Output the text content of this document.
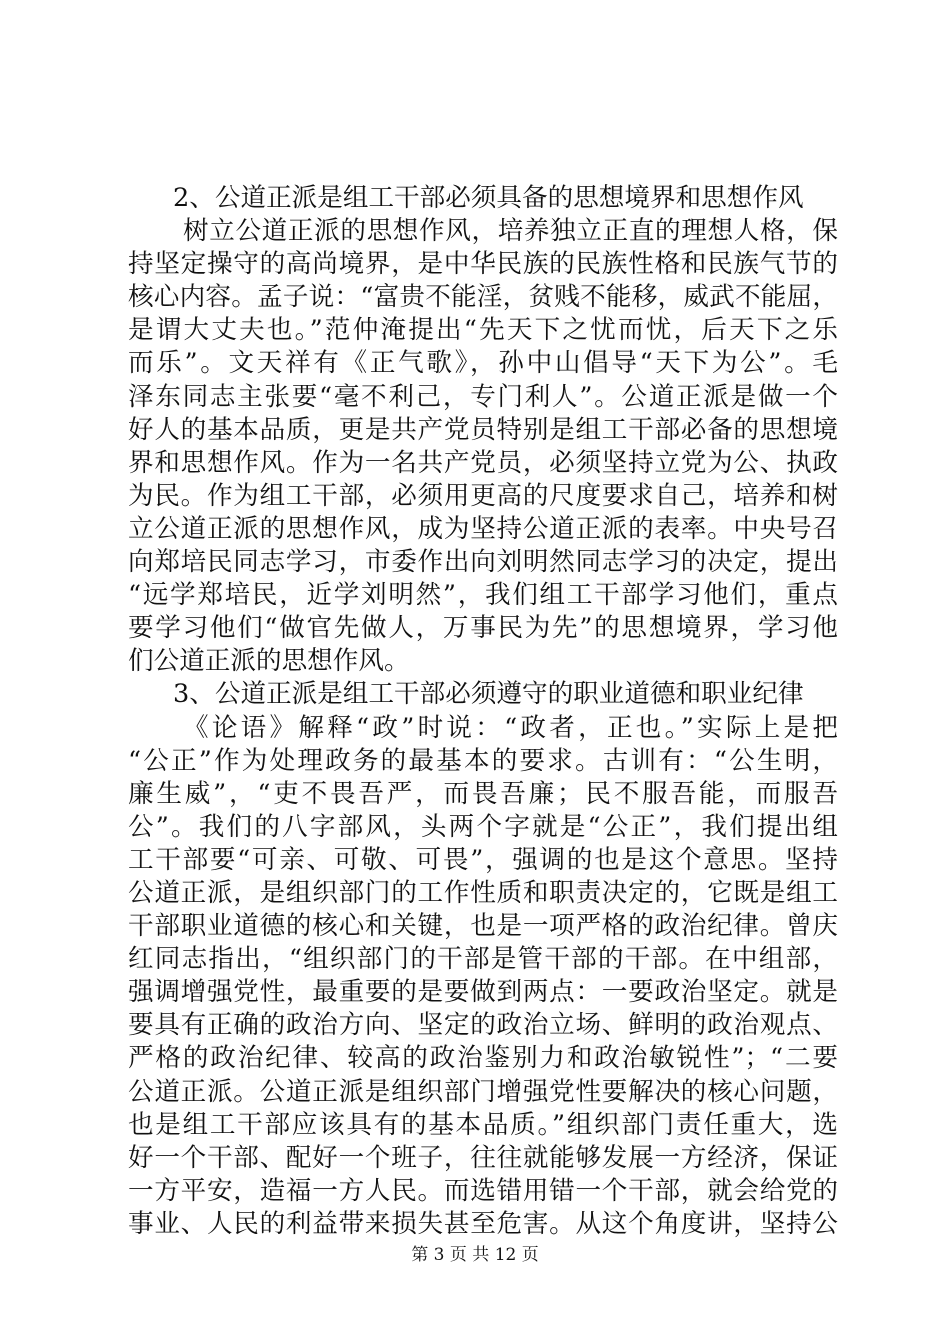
2、公道正派是组工干部必须具备的思想境界和思想作风
树立公道正派的思想作风，培养独立正直的理想人格，保
持坚定操守的高尚境界，是中华民族的民族性格和民族气节的
核心内容。孟子说：“富贵不能淫，贫贱不能移，威武不能屈，
是谓大丈夫也。”范仲淹提出“先天下之忧而忧，后天下之乐
而乐”。文天祥有《正气歌》，孙中山倡导“天下为公”。毛
泽东同志主张要“毫不利己，专门利人”。公道正派是做一个
好人的基本品质，更是共产党员特别是组工干部必备的思想境
界和思想作风。作为一名共产党员，必须坚持立党为公、执政
为民。作为组工干部，必须用更高的尺度要求自己，培养和树
立公道正派的思想作风，成为坚持公道正派的表率。中央号召
向郑培民同志学习，市委作出向刘明然同志学习的决定，提出
“远学郑培民，近学刘明然”，我们组工干部学习他们，重点
要学习他们“做官先做人，万事民为先”的思想境界，学习他
们公道正派的思想作风。
3、公道正派是组工干部必须遵守的职业道德和职业纪律
《论语》解释“政”时说：“政者，正也。”实际上是把
“公正”作为处理政务的最基本的要求。古训有：“公生明，
廉生威”，“吏不畏吾严，而畏吾廉；民不服吾能，而服吾
公”。我们的八字部风，头两个字就是“公正”，我们提出组
工干部要“可亲、可敬、可畏”，强调的也是这个意思。坚持
公道正派，是组织部门的工作性质和职责决定的，它既是组工
干部职业道德的核心和关键，也是一项严格的政治纪律。曾庆
红同志指出，“组织部门的干部是管干部的干部。在中组部，
强调增强党性，最重要的是要做到两点：一要政治坚定。就是
要具有正确的政治方向、坚定的政治立场、鲜明的政治观点、
严格的政治纪律、较高的政治鉴别力和政治敏锐性”；“二要
公道正派。公道正派是组织部门增强党性要解决的核心问题，
也是组工干部应该具有的基本品质。”组织部门责任重大，选
好一个干部、配好一个班子，往往就能够发展一方经济，保证
一方平安，造福一方人民。而选错用错一个干部，就会给党的
事业、人民的利益带来损失甚至危害。从这个角度讲，坚持公
第 3 页 共 12 页
